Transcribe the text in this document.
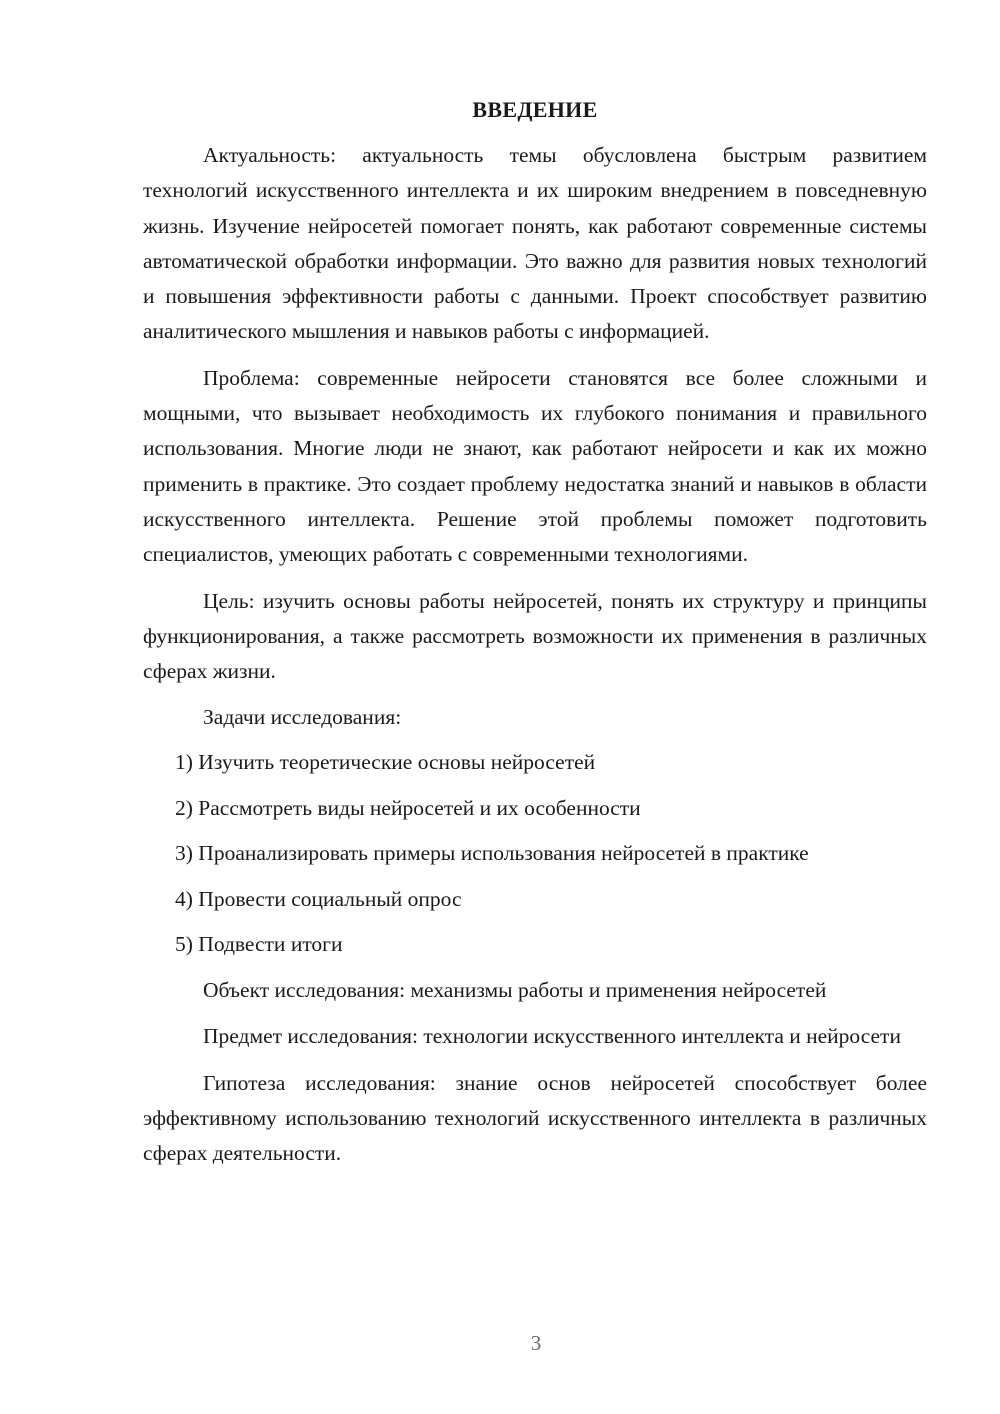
ВВЕДЕНИЕ

Актуальность: актуальность темы обусловлена быстрым развитием технологий искусственного интеллекта и их широким внедрением в повседневную жизнь. Изучение нейросетей помогает понять, как работают современные системы автоматической обработки информации. Это важно для развития новых технологий и повышения эффективности работы с данными. Проект способствует развитию аналитического мышления и навыков работы с информацией.

Проблема: современные нейросети становятся все более сложными и мощными, что вызывает необходимость их глубокого понимания и правильного использования. Многие люди не знают, как работают нейросети и как их можно применить в практике. Это создает проблему недостатка знаний и навыков в области искусственного интеллекта. Решение этой проблемы поможет подготовить специалистов, умеющих работать с современными технологиями.

Цель: изучить основы работы нейросетей, понять их структуру и принципы функционирования, а также рассмотреть возможности их применения в различных сферах жизни.

Задачи исследования:
1) Изучить теоретические основы нейросетей
2) Рассмотреть виды нейросетей и их особенности
3) Проанализировать примеры использования нейросетей в практике
4) Провести социальный опрос
5) Подвести итоги

Объект исследования: механизмы работы и применения нейросетей

Предмет исследования: технологии искусственного интеллекта и нейросети

Гипотеза исследования: знание основ нейросетей способствует более эффективному использованию технологий искусственного интеллекта в различных сферах деятельности.

3
